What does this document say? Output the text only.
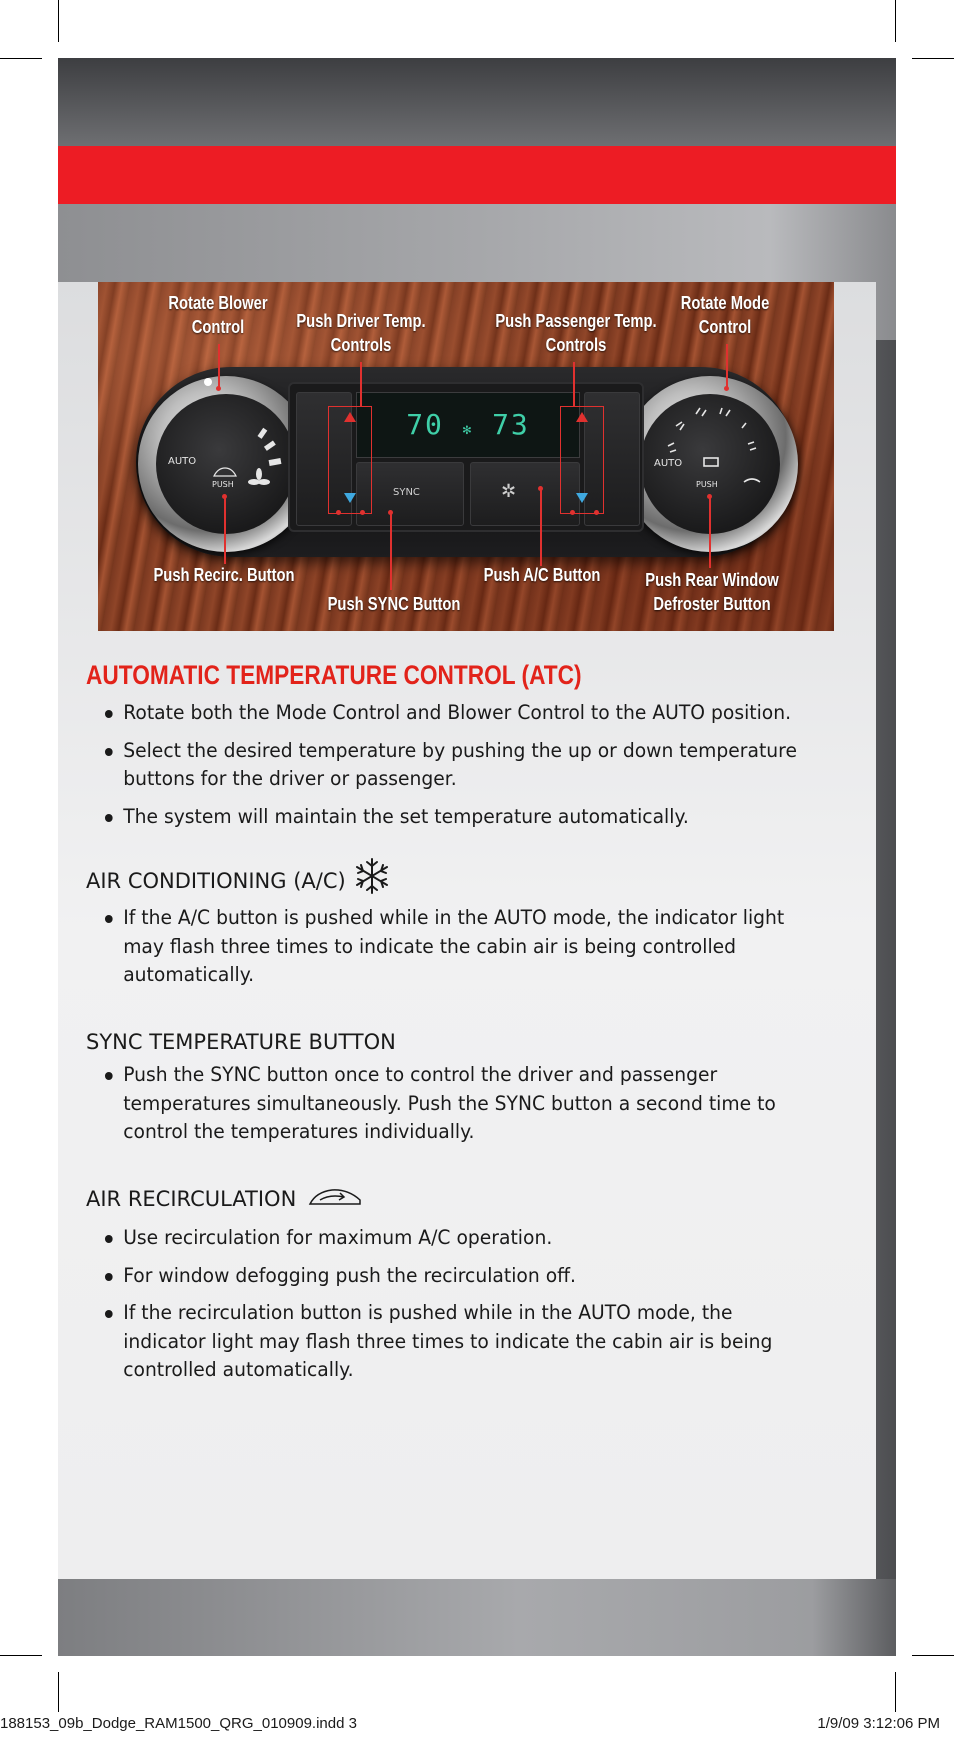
AUTO
PUSH
AUTO
PUSH
70 ✻ 73
SYNC	✲
Rotate Blower
Control	Push Driver Temp.
Controls
Push Passenger Temp.
Controls
Rotate Mode
Control
Push Recirc. Button
Push SYNC Button
Push A/C Button Push Rear Window
Defroster Button
AUTOMATIC TEMPERATURE CONTROL (ATC)
Rotate both the Mode Control and Blower Control to the AUTO position.
Select the desired temperature by pushing the up or down temperature buttons for the driver or passenger.
The system will maintain the set temperature automatically.
AIR CONDITIONING (A/C)
If the A/C button is pushed while in the AUTO mode, the indicator light may flash three times to indicate the cabin air is being controlled automatically.
SYNC TEMPERATURE BUTTON
Push the SYNC button once to control the driver and passenger temperatures simultaneously. Push the SYNC button a second time to control the temperatures individually.
AIR RECIRCULATION
Use recirculation for maximum A/C operation.
For window defogging push the recirculation off.
If the recirculation button is pushed while in the AUTO mode, the indicator light may flash three times to indicate the cabin air is being controlled automatically.
188153_09b_Dodge_RAM1500_QRG_010909.indd 3	1/9/09 3:12:06 PM
